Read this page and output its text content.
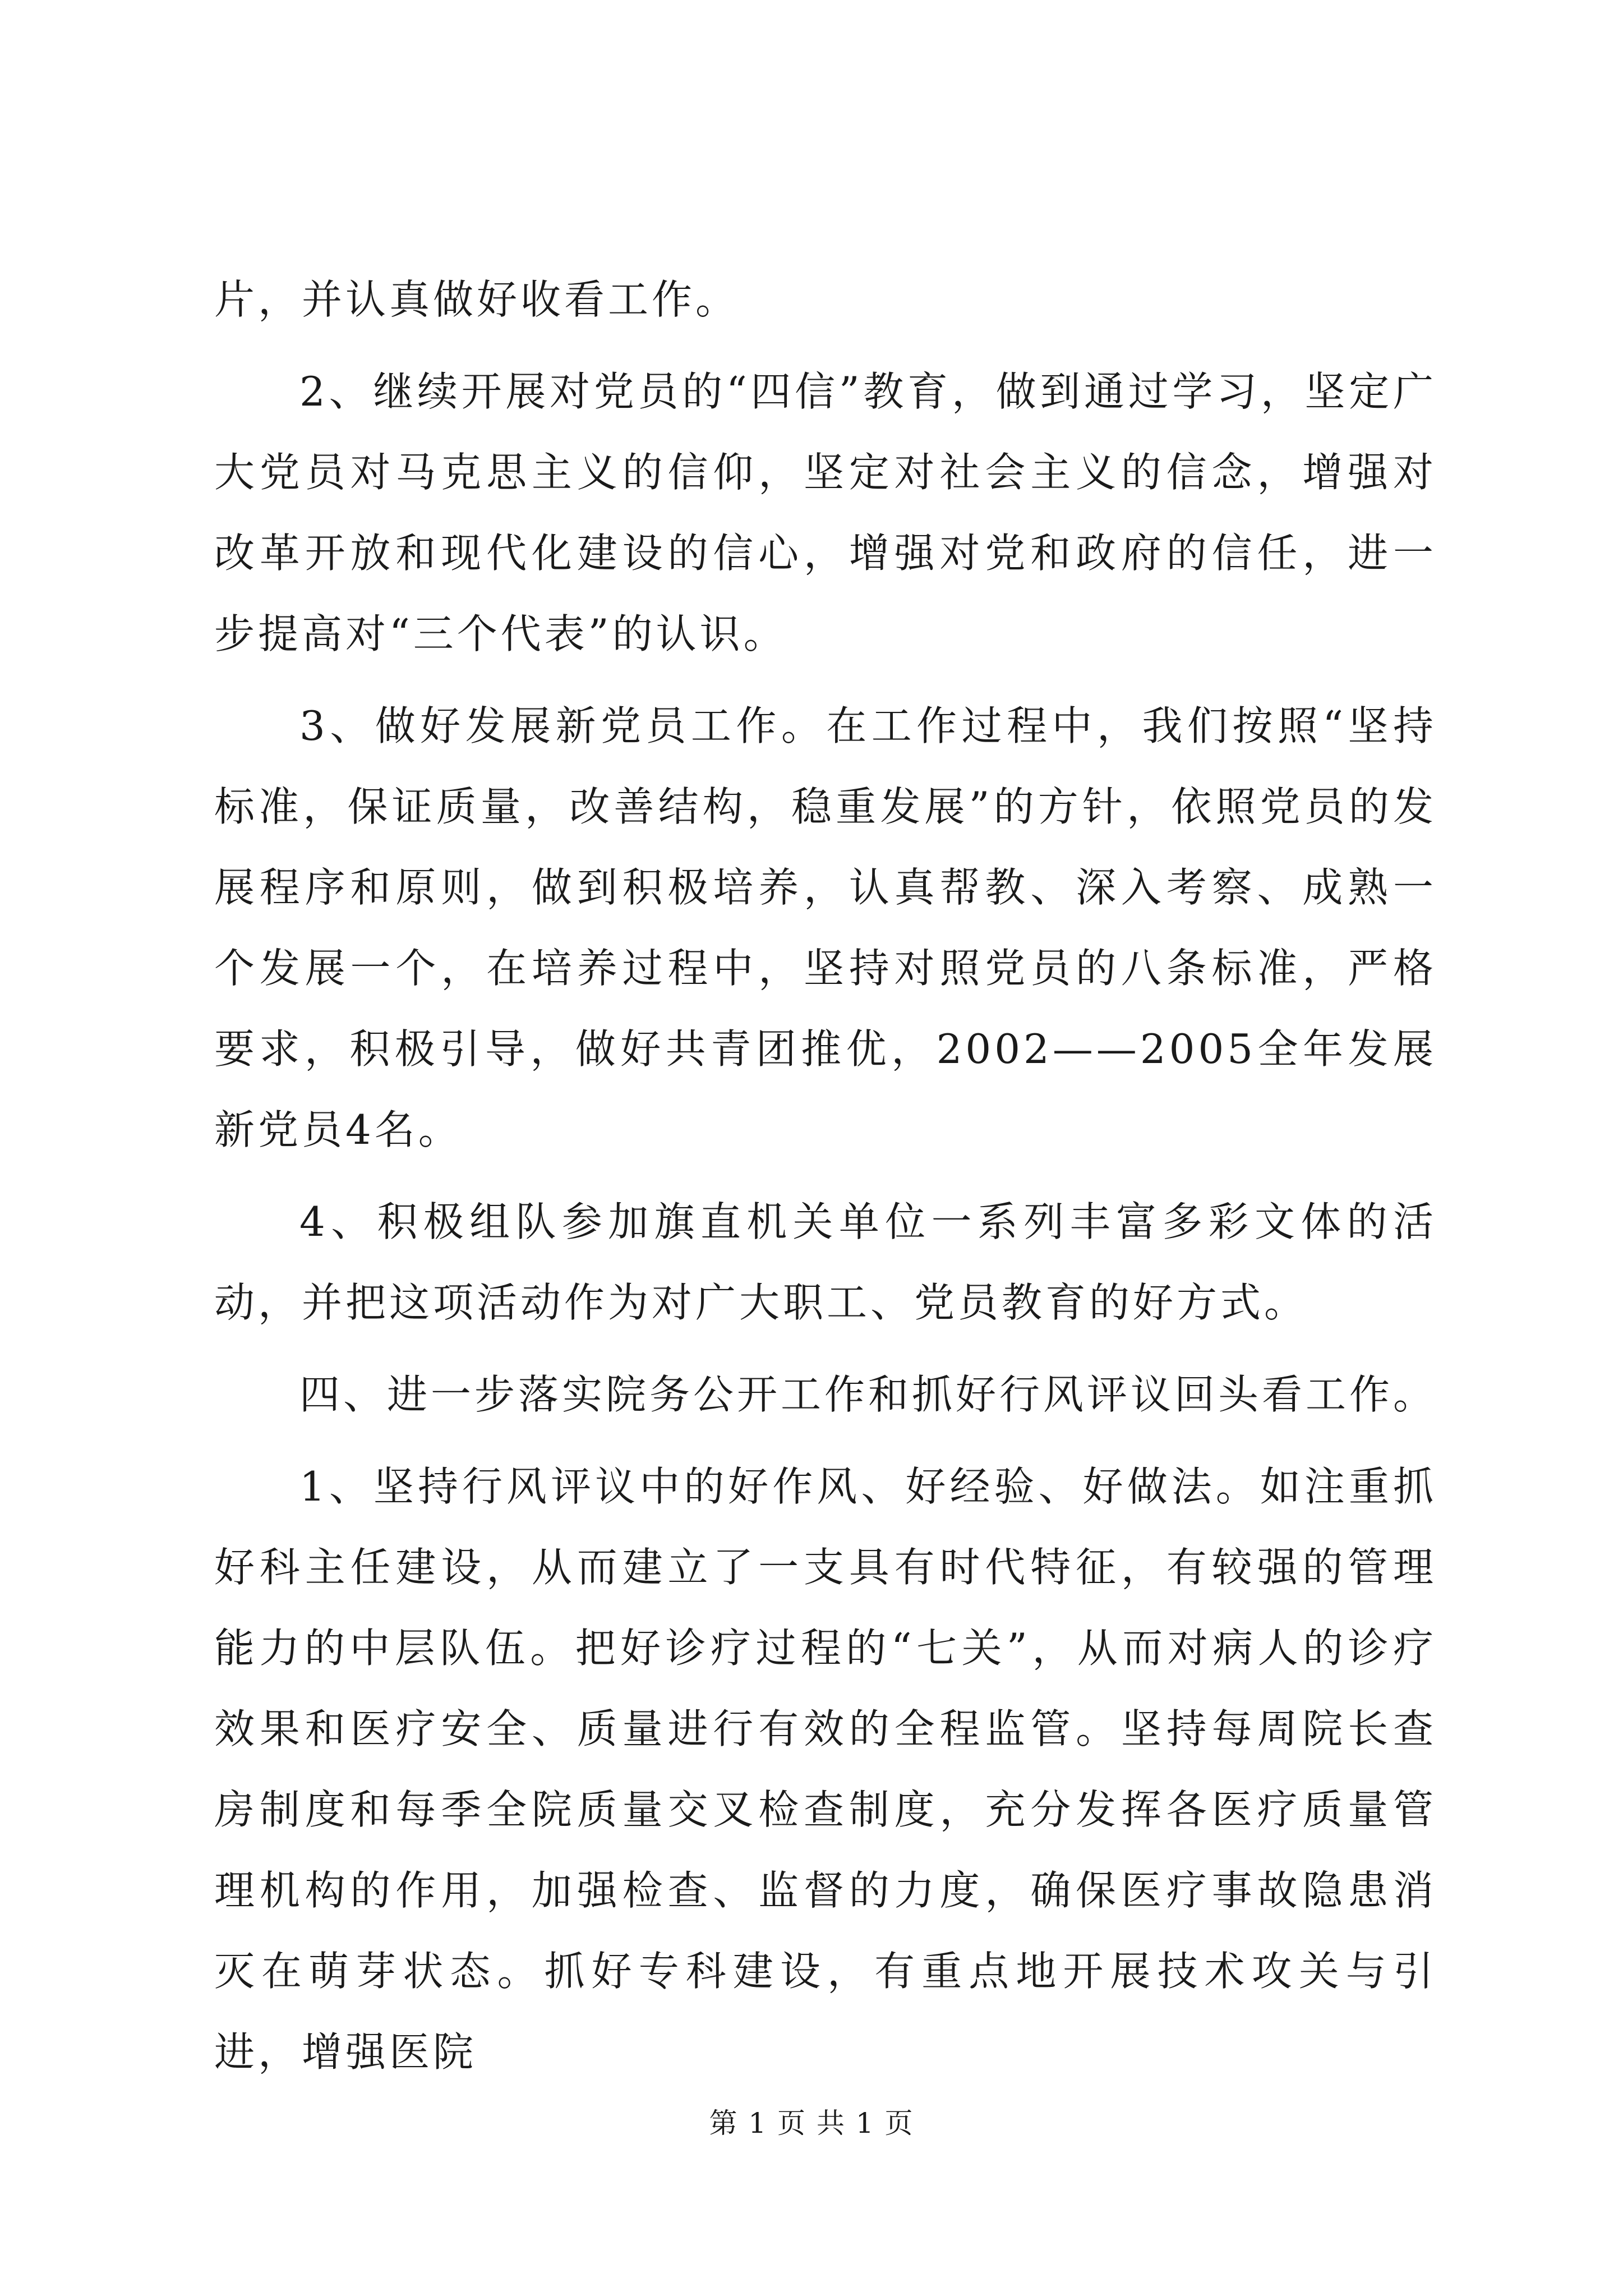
片，并认真做好收看工作。

2、继续开展对党员的“四信”教育，做到通过学习，坚定广大党员对马克思主义的信仰，坚定对社会主义的信念，增强对改革开放和现代化建设的信心，增强对党和政府的信任，进一步提高对“三个代表”的认识。

3、做好发展新党员工作。在工作过程中，我们按照“坚持标准，保证质量，改善结构，稳重发展”的方针，依照党员的发展程序和原则，做到积极培养，认真帮教、深入考察、成熟一个发展一个，在培养过程中，坚持对照党员的八条标准，严格要求，积极引导，做好共青团推优，2002——2005全年发展新党员4名。

4、积极组队参加旗直机关单位一系列丰富多彩文体的活动，并把这项活动作为对广大职工、党员教育的好方式。

四、进一步落实院务公开工作和抓好行风评议回头看工作。

1、坚持行风评议中的好作风、好经验、好做法。如注重抓好科主任建设，从而建立了一支具有时代特征，有较强的管理能力的中层队伍。把好诊疗过程的“七关”，从而对病人的诊疗效果和医疗安全、质量进行有效的全程监管。坚持每周院长查房制度和每季全院质量交叉检查制度，充分发挥各医疗质量管理机构的作用，加强检查、监督的力度，确保医疗事故隐患消灭在萌芽状态。抓好专科建设，有重点地开展技术攻关与引进，增强医院

第 1 页 共 1 页
